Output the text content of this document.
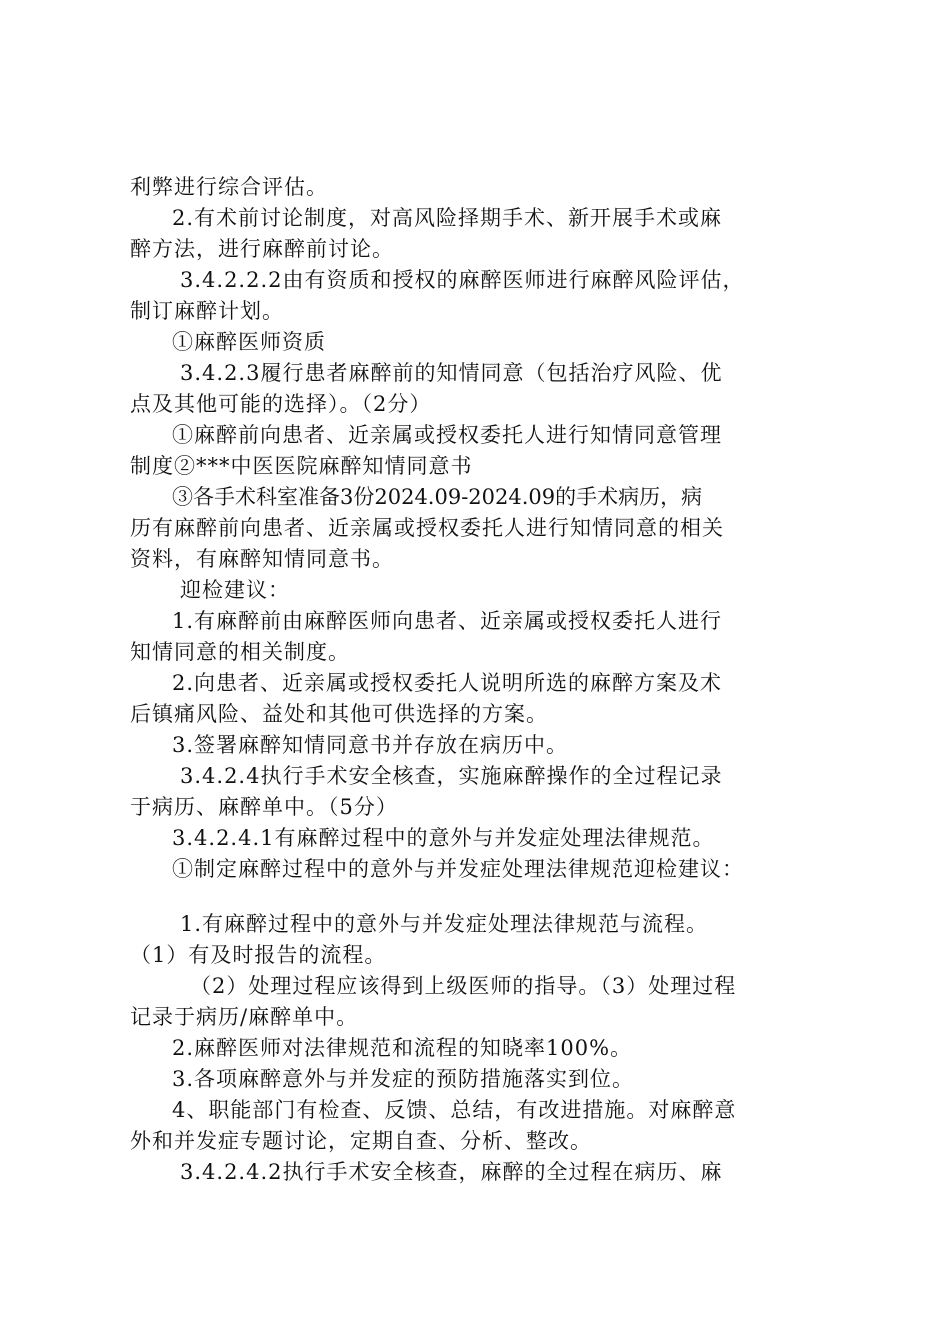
利弊进行综合评估。
2.有术前讨论制度，对高风险择期手术、新开展手术或麻
醉方法，进行麻醉前讨论。
3.4.2.2.2由有资质和授权的麻醉医师进行麻醉风险评估，
制订麻醉计划。
①麻醉医师资质
3.4.2.3履行患者麻醉前的知情同意（包括治疗风险、优
点及其他可能的选择）。（2分）
①麻醉前向患者、近亲属或授权委托人进行知情同意管理
制度②***中医医院麻醉知情同意书
③各手术科室准备3份2024.09-2024.09的手术病历，病
历有麻醉前向患者、近亲属或授权委托人进行知情同意的相关
资料，有麻醉知情同意书。
迎检建议：
1.有麻醉前由麻醉医师向患者、近亲属或授权委托人进行
知情同意的相关制度。
2.向患者、近亲属或授权委托人说明所选的麻醉方案及术
后镇痛风险、益处和其他可供选择的方案。
3.签署麻醉知情同意书并存放在病历中。
3.4.2.4执行手术安全核查，实施麻醉操作的全过程记录
于病历、麻醉单中。（5分）
3.4.2.4.1有麻醉过程中的意外与并发症处理法律规范。
①制定麻醉过程中的意外与并发症处理法律规范迎检建议：
1.有麻醉过程中的意外与并发症处理法律规范与流程。
（1）有及时报告的流程。
（2）处理过程应该得到上级医师的指导。（3）处理过程
记录于病历/麻醉单中。
2.麻醉医师对法律规范和流程的知晓率100%。
3.各项麻醉意外与并发症的预防措施落实到位。
4、职能部门有检查、反馈、总结，有改进措施。对麻醉意
外和并发症专题讨论，定期自查、分析、整改。
3.4.2.4.2执行手术安全核查，麻醉的全过程在病历、麻
